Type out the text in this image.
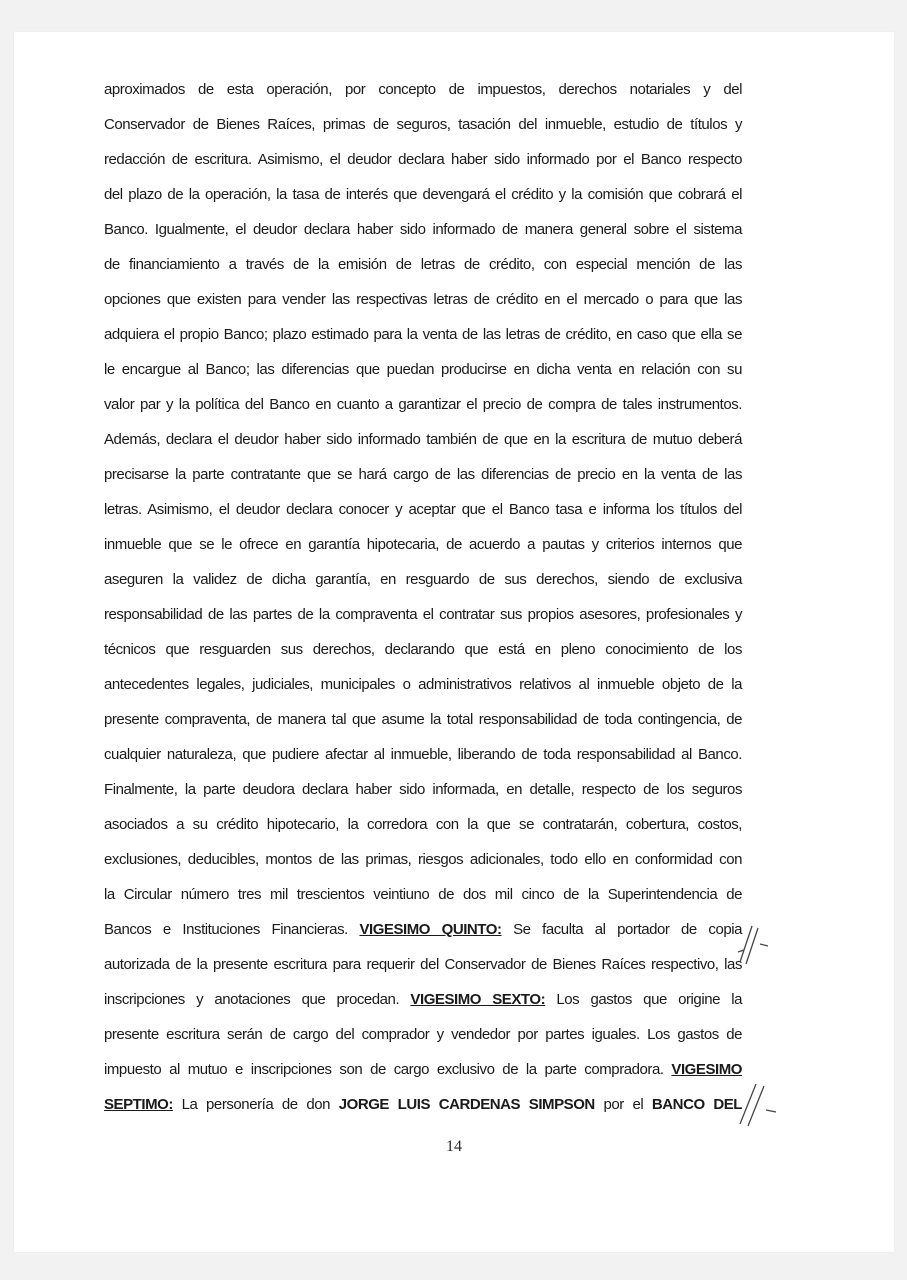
aproximados de esta operación, por concepto de impuestos, derechos notariales y del
Conservador de Bienes Raíces, primas de seguros, tasación del inmueble, estudio de títulos y
redacción de escritura. Asimismo, el deudor declara haber sido informado por el Banco respecto
del plazo de la operación, la tasa de interés que devengará el crédito y la comisión que cobrará el
Banco. Igualmente, el deudor declara haber sido informado de manera general sobre el sistema
de financiamiento a través de la emisión de letras de crédito, con especial mención de las
opciones que existen para vender las respectivas letras de crédito en el mercado o para que las
adquiera el propio Banco; plazo estimado para la venta de las letras de crédito, en caso que ella se
le encargue al Banco; las diferencias que puedan producirse en dicha venta en relación con su
valor par y la política del Banco en cuanto a garantizar el precio de compra de tales instrumentos.
Además, declara el deudor haber sido informado también de que en la escritura de mutuo deberá
precisarse la parte contratante que se hará cargo de las diferencias de precio en la venta de las
letras. Asimismo, el deudor declara conocer y aceptar que el Banco tasa e informa los títulos del
inmueble que se le ofrece en garantía hipotecaria, de acuerdo a pautas y criterios internos que
aseguren la validez de dicha garantía, en resguardo de sus derechos, siendo de exclusiva
responsabilidad de las partes de la compraventa el contratar sus propios asesores, profesionales y
técnicos que resguarden sus derechos, declarando que está en pleno conocimiento de los
antecedentes legales, judiciales, municipales o administrativos relativos al inmueble objeto de la
presente compraventa, de manera tal que asume la total responsabilidad de toda contingencia, de
cualquier naturaleza, que pudiere afectar al inmueble, liberando de toda responsabilidad al Banco.
Finalmente, la parte deudora declara haber sido informada, en detalle, respecto de los seguros
asociados a su crédito hipotecario, la corredora con la que se contratarán, cobertura, costos,
exclusiones, deducibles, montos de las primas, riesgos adicionales, todo ello en conformidad con
la Circular número tres mil trescientos veintiuno de dos mil cinco de la Superintendencia de
Bancos e Instituciones Financieras. VIGESIMO QUINTO: Se faculta al portador de copia
autorizada de la presente escritura para requerir del Conservador de Bienes Raíces respectivo, las
inscripciones y anotaciones que procedan. VIGESIMO SEXTO: Los gastos que origine la
presente escritura serán de cargo del comprador y vendedor por partes iguales. Los gastos de
impuesto al mutuo e inscripciones son de cargo exclusivo de la parte compradora. VIGESIMO
SEPTIMO: La personería de don JORGE LUIS CARDENAS SIMPSON por el BANCO DEL
14
